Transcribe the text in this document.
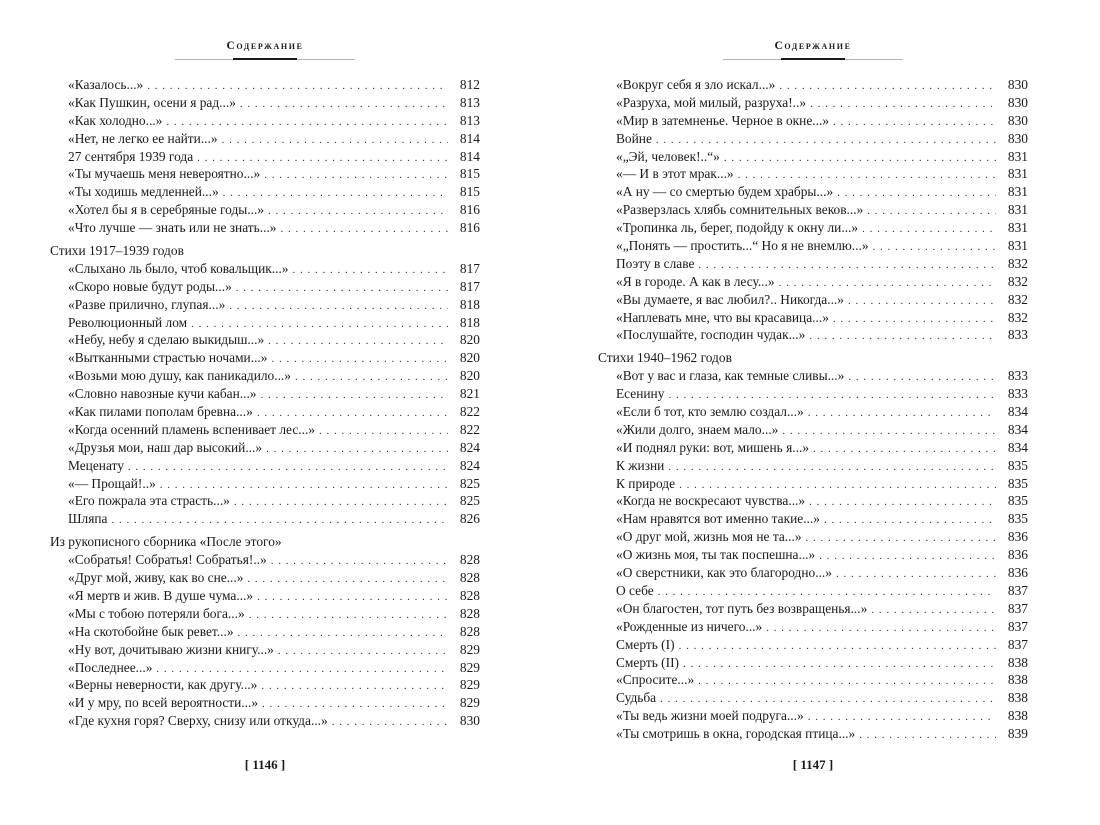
Содержание
«Казалось...» . . .	812
«Как Пушкин, осени я рад...» . . .	813
«Как холодно...» . . .	813
«Нет, не легко ее найти...» . . .	814
27 сентября 1939 года . . .	814
«Ты мучаешь меня невероятно...» . . .	815
«Ты ходишь медленней...» . . .	815
«Хотел бы я в серебряные годы...» . . .	816
«Что лучше — знать или не знать...» . . .	816
Стихи 1917–1939 годов
«Слыхано ль было, чтоб ковальщик...» . . .	817
«Скоро новые будут роды...» . . .	817
«Разве прилично, глупая...» . . .	818
Революционный лом . . .	818
«Небу, небу я сделаю выкидыш...» . . .	820
«Вытканными страстью ночами...» . . .	820
«Возьми мою душу, как паникадило...» . . .	820
«Словно навозные кучи кабан...» . . .	821
«Как пилами пополам бревна...» . . .	822
«Когда осенний пламень вспенивает лес...» . . .	822
«Друзья мои, наш дар высокий...» . . .	824
Меценату . . .	824
«— Прощай!..» . . .	825
«Его пожрала эта страсть...» . . .	825
Шляпа . . .	826
Из рукописного сборника «После этого»
«Собратья! Собратья! Собратья!..» . . .	828
«Друг мой, живу, как во сне...» . . .	828
«Я мертв и жив. В душе чума...» . . .	828
«Мы с тобою потеряли бога...» . . .	828
«На скотобойне бык ревет...» . . .	828
«Ну вот, дочитываю жизни книгу...» . . .	829
«Последнее...» . . .	829
«Верны неверности, как другу...» . . .	829
«И у мру, по всей вероятности...» . . .	829
«Где кухня горя? Сверху, снизу или откуда...» . . .	830
[ 1146 ]
Содержание
«Вокруг себя я зло искал...» . . .	830
«Разруха, мой милый, разруха!..» . . .	830
«Мир в затемненье. Черное в окне...» . . .	830
Войне . . .	830
«„Эй, человек!..“» . . .	831
«— И в этот мрак...» . . .	831
«А ну — со смертью будем храбры...» . . .	831
«Разверзлась хлябь сомнительных веков...» . . .	831
«Тропинка ль, берег, подойду к окну ли...» . . .	831
«„Понять — простить...“ Но я не внемлю...» . . .	831
Поэту в славе . . .	832
«Я в городе. А как в лесу...» . . .	832
«Вы думаете, я вас любил?.. Никогда...» . . .	832
«Наплевать мне, что вы красавица...» . . .	832
«Послушайте, господин чудак...» . . .	833
Стихи 1940–1962 годов
«Вот у вас и глаза, как темные сливы...» . . .	833
Есенину . . .	833
«Если б тот, кто землю создал...» . . .	834
«Жили долго, знаем мало...» . . .	834
«И поднял руки: вот, мишень я...» . . .	834
К жизни . . .	835
К природе . . .	835
«Когда не воскресают чувства...» . . .	835
«Нам нравятся вот именно такие...» . . .	835
«О друг мой, жизнь моя не та...» . . .	836
«О жизнь моя, ты так поспешна...» . . .	836
«О сверстники, как это благородно...» . . .	836
О себе . . .	837
«Он благостен, тот путь без возвращенья...» . . .	837
«Рожденные из ничего...» . . .	837
Смерть (I) . . .	837
Смерть (II) . . .	838
«Спросите...» . . .	838
Судьба . . .	838
«Ты ведь жизни моей подруга...» . . .	838
«Ты смотришь в окна, городская птица...» . . .	839
[ 1147 ]
